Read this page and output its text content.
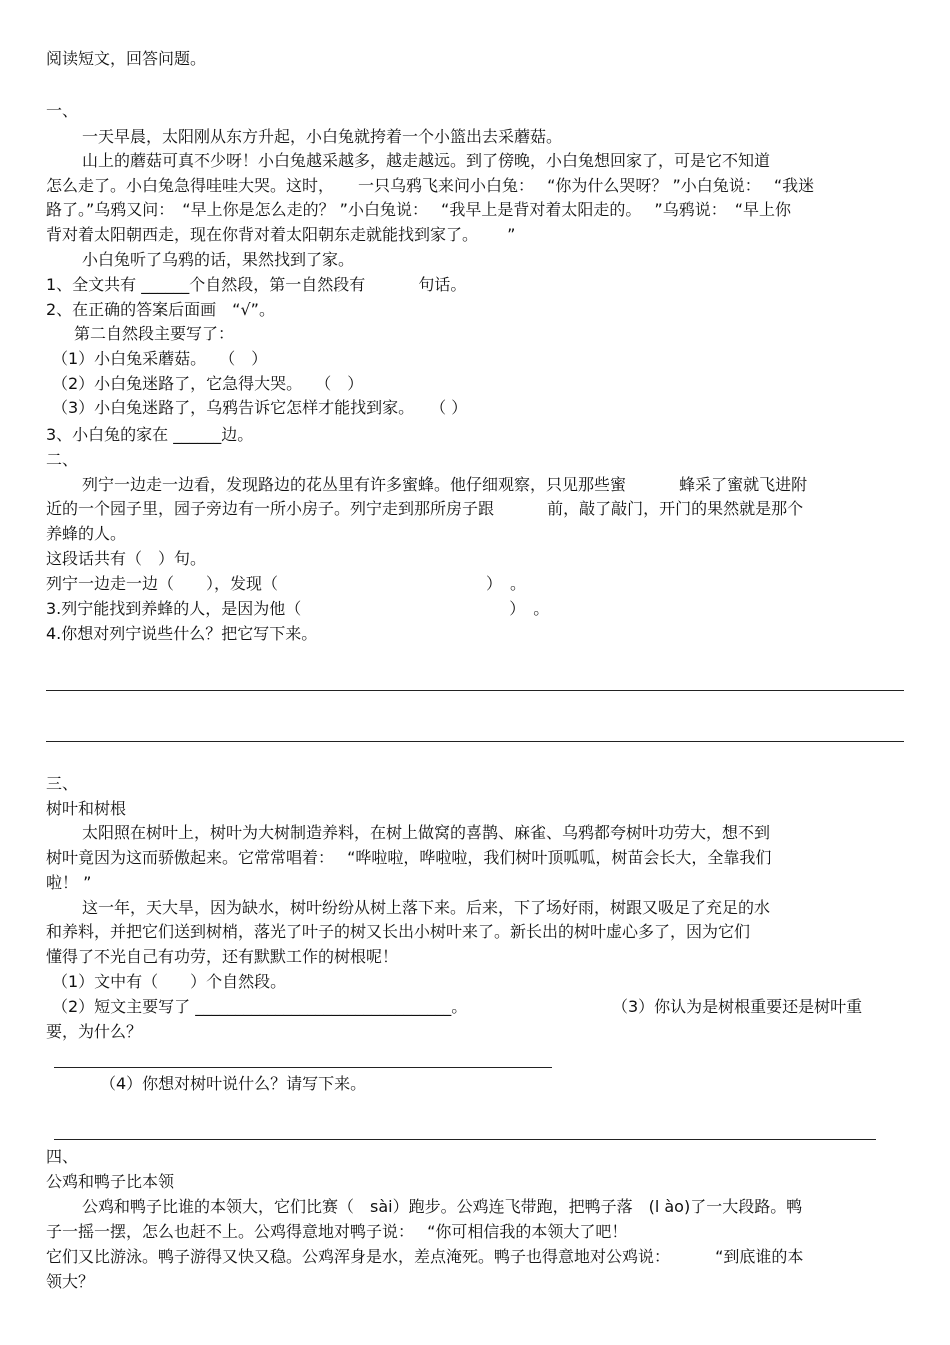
阅读短文，回答问题。
一、
一天早晨，太阳刚从东方升起，小白兔就挎着一个小篮出去采蘑菇。
山上的蘑菇可真不少呀！小白兔越采越多，越走越远。到了傍晚，小白兔想回家了，可是它不知道
怎么走了。小白兔急得哇哇大哭。这时，　　一只乌鸦飞来问小白兔：　 “你为什么哭呀？ ”小白兔说：　 “我迷
路了。”乌鸦又问：　“早上你是怎么走的？ ”小白兔说：　 “我早上是背对着太阳走的。　 ”乌鸦说：　“早上你
背对着太阳朝西走，现在你背对着太阳朝东走就能找到家了。　　 ”
小白兔听了乌鸦的话，果然找到了家。
1、全文共有 ______个自然段，第一自然段有　　　 句话。
2、在正确的答案后面画　“√”。
第二自然段主要写了：
（1）小白兔采蘑菇。　 （　）
（2）小白兔迷路了，它急得大哭。　 （　）
（3）小白兔迷路了，乌鸦告诉它怎样才能找到家。　　（ ）
3、小白兔的家在 ______边。
二、
列宁一边走一边看，发现路边的花丛里有许多蜜蜂。他仔细观察，只见那些蜜　　　 蜂采了蜜就飞进附
近的一个园子里，园子旁边有一所小房子。列宁走到那所房子跟　　　 前，敲了敲门，开门的果然就是那个
养蜂的人。
这段话共有（　）句。
列宁一边走一边（　　），发现（　　　　　　　　　　　　　）　。
3.列宁能找到养蜂的人，是因为他（　　　　　　　　　　　　　）　。
4.你想对列宁说些什么？把它写下来。
三、
树叶和树根
太阳照在树叶上，树叶为大树制造养料，在树上做窝的喜鹊、麻雀、乌鸦都夸树叶功劳大，想不到
树叶竟因为这而骄傲起来。它常常唱着：　 “哗啦啦，哗啦啦，我们树叶顶呱呱，树苗会长大，全靠我们
啦！ ”
这一年，天大旱，因为缺水，树叶纷纷从树上落下来。后来，下了场好雨，树跟又吸足了充足的水
和养料，并把它们送到树梢，落光了叶子的树又长出小树叶来了。新长出的树叶虚心多了，因为它们
懂得了不光自己有功劳，还有默默工作的树根呢！
（1）文中有（　　）个自然段。
（2）短文主要写了 ________________________________。	（3）你认为是树根重要还是树叶重
要，为什么？
（4）你想对树叶说什么？请写下来。
四、
公鸡和鸭子比本领
公鸡和鸭子比谁的本领大，它们比赛（　sài）跑步。公鸡连飞带跑，把鸭子落　(l ào)了一大段路。鸭
子一摇一摆，怎么也赶不上。公鸡得意地对鸭子说：　 “你可相信我的本领大了吧！
它们又比游泳。鸭子游得又快又稳。公鸡浑身是水，差点淹死。鸭子也得意地对公鸡说：　　　 “到底谁的本
领大？
